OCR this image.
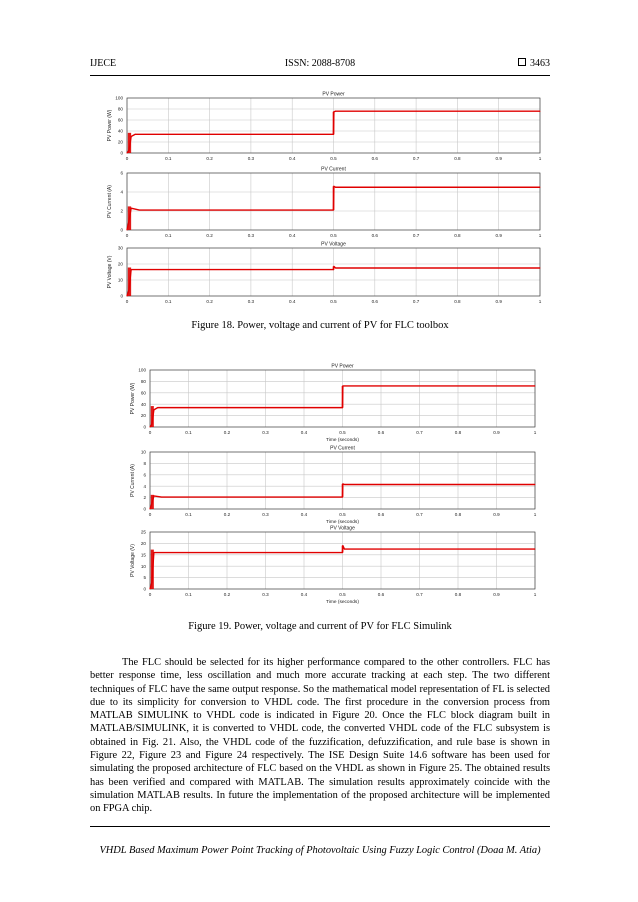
IJECE	ISSN: 2088-8708	3463
0	0.1	0.2	0.3	0.4	0.5	0.6	0.7	0.8	0.9	1
0
20
40
60
80
100
PV Power
PV Power (W)
0	0.1	0.2	0.3	0.4	0.5	0.6	0.7	0.8	0.9	1
0
2
4
6
PV Current
PV Current (A)
0	0.1	0.2	0.3	0.4	0.5	0.6	0.7	0.8	0.9	1
0
10
20
30
PV Voltage
PV Voltage (V)
Figure 18. Power, voltage and current of PV for FLC toolbox
0	0.1	0.2	0.3	0.4	0.5	0.6	0.7	0.8	0.9	1
0
20
40
60
80
100
PV Power
PV Power (W)
Time (seconds)
0	0.1	0.2	0.3	0.4	0.5	0.6	0.7	0.8	0.9	1
0
2
4
6
8
10
PV Current
PV Current (A)
Time (seconds)
0	0.1	0.2	0.3	0.4	0.5	0.6	0.7	0.8	0.9	1
0
5
10
15
20
25
PV Voltage
PV Voltage (V)
Time (seconds)
Figure 19. Power, voltage and current of PV for FLC Simulink

The FLC should be selected for its higher performance compared to the other controllers. FLC has better response time, less oscillation and much more accurate tracking at each step. The two different techniques of FLC have the same output response. So the mathematical model representation of FL is selected due to its simplicity for conversion to VHDL code. The first procedure in the conversion process from MATLAB SIMULINK to VHDL code is indicated in Figure 20. Once the FLC block diagram built in MATLAB/SIMULINK, it is converted to VHDL code, the converted VHDL code of the FLC subsystem is obtained in Fig. 21. Also, the VHDL code of the fuzzification, defuzzification, and rule base is shown in Figure 22, Figure 23 and Figure 24 respectively. The ISE Design Suite 14.6 software has been used for simulating the proposed architecture of FLC based on the VHDL as shown in Figure 25. The obtained results has been verified and compared with MATLAB. The simulation results approximately coincide with the simulation MATLAB results. In future the implementation of the proposed architecture will be implemented on FPGA chip.

VHDL Based Maximum Power Point Tracking of Photovoltaic Using Fuzzy Logic Control (Doaa M. Atia)
